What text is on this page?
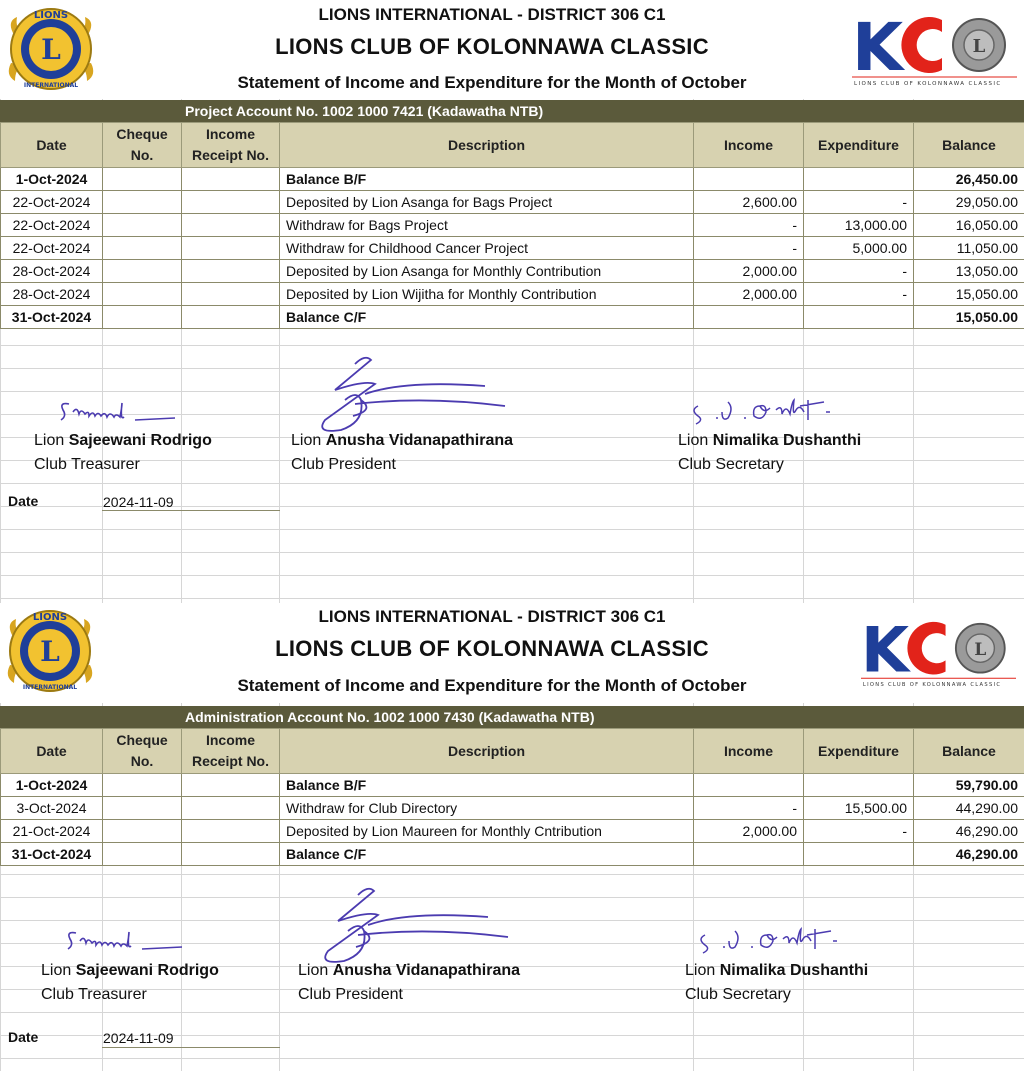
LIONS INTERNATIONAL - DISTRICT 306 C1
LIONS CLUB OF KOLONNAWA CLASSIC
Statement of Income and Expenditure for the Month of October
L
LIONS
INTERNATIONAL	K	L
LIONS CLUB OF KOLONNAWA CLASSIC
Project Account No. 1002 1000 7421 (Kadawatha NTB)
Date	Cheque No.	Income Receipt No.	Description	Income	Expenditure	Balance
1-Oct-2024			Balance B/F			26,450.00
22-Oct-2024			Deposited by Lion Asanga for Bags Project	2,600.00	-	29,050.00
22-Oct-2024			Withdraw for Bags Project	-	13,000.00	16,050.00
22-Oct-2024			Withdraw for Childhood Cancer Project	-	5,000.00	11,050.00
28-Oct-2024			Deposited by Lion Asanga for Monthly Contribution	2,000.00	-	13,050.00
28-Oct-2024			Deposited by Lion Wijitha for Monthly Contribution	2,000.00	-	15,050.00
31-Oct-2024			Balance C/F			15,050.00
Lion Sajeewani Rodrigo
Club Treasurer
Lion Anusha Vidanapathirana
Club President
Lion Nimalika Dushanthi
Club Secretary
Date	2024-11-09
LIONS INTERNATIONAL - DISTRICT 306 C1
LIONS CLUB OF KOLONNAWA CLASSIC
Statement of Income and Expenditure for the Month of October
L
LIONS
INTERNATIONAL
K	L
LIONS CLUB OF KOLONNAWA CLASSIC
Administration Account No. 1002 1000 7430 (Kadawatha NTB)
Date	Cheque No.	Income Receipt No.	Description	Income	Expenditure	Balance
1-Oct-2024			Balance B/F			59,790.00
3-Oct-2024			Withdraw for Club Directory	-	15,500.00	44,290.00
21-Oct-2024			Deposited by Lion Maureen for Monthly Cntribution	2,000.00	-	46,290.00
31-Oct-2024			Balance C/F			46,290.00
Lion Sajeewani Rodrigo
Club Treasurer
Lion Anusha Vidanapathirana
Club President
Lion Nimalika Dushanthi
Club Secretary
Date	2024-11-09
